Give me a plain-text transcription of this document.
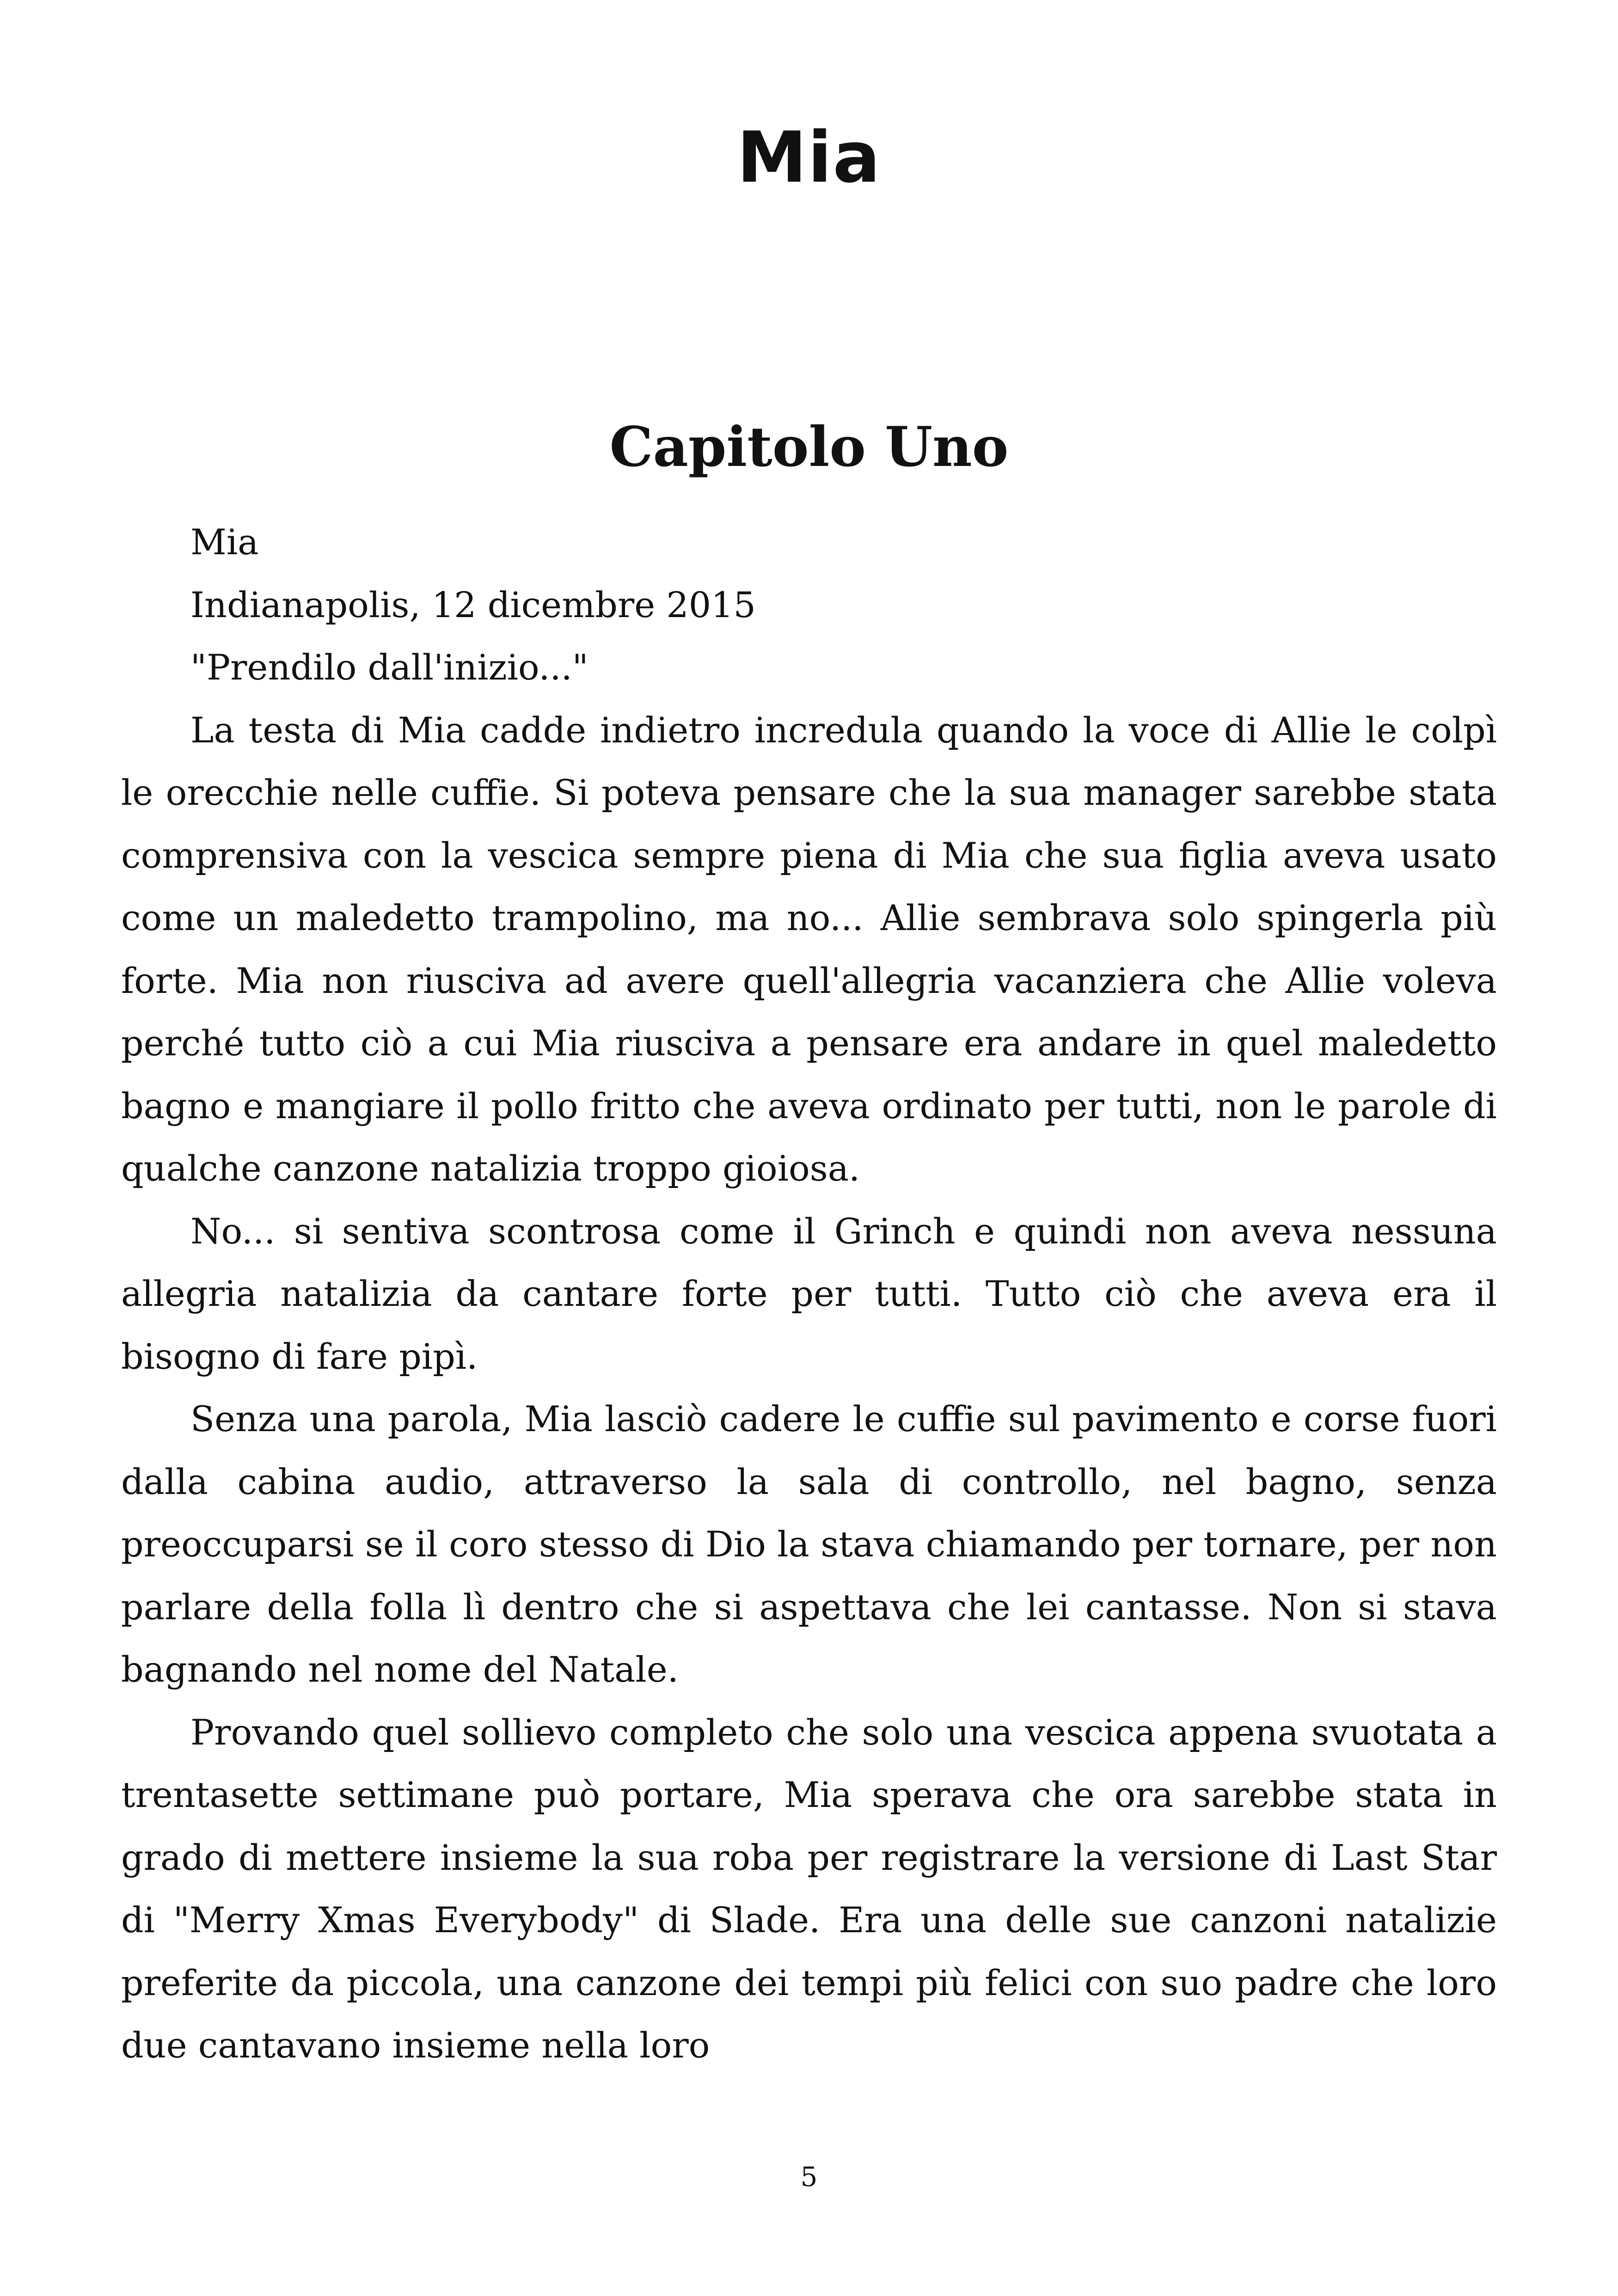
Mia
Capitolo Uno

Mia

Indianapolis, 12 dicembre 2015

"Prendilo dall'inizio..."

La testa di Mia cadde indietro incredula quando la voce di Allie le colpì le orecchie nelle cuffie. Si poteva pensare che la sua manager sarebbe stata comprensiva con la vescica sempre piena di Mia che sua figlia aveva usato come un maledetto trampolino, ma no... Allie sembrava solo spingerla più forte. Mia non riusciva ad avere quell'allegria vacanziera che Allie voleva perché tutto ciò a cui Mia riusciva a pensare era andare in quel maledetto bagno e mangiare il pollo fritto che aveva ordinato per tutti, non le parole di qualche canzone natalizia troppo gioiosa.

No... si sentiva scontrosa come il Grinch e quindi non aveva nessuna allegria natalizia da cantare forte per tutti. Tutto ciò che aveva era il bisogno di fare pipì.

Senza una parola, Mia lasciò cadere le cuffie sul pavimento e corse fuori dalla cabina audio, attraverso la sala di controllo, nel bagno, senza preoccuparsi se il coro stesso di Dio la stava chiamando per tornare, per non parlare della folla lì dentro che si aspettava che lei cantasse. Non si stava bagnando nel nome del Natale.

Provando quel sollievo completo che solo una vescica appena svuotata a trentasette settimane può portare, Mia sperava che ora sarebbe stata in grado di mettere insieme la sua roba per registrare la versione di Last Star di "Merry Xmas Everybody" di Slade. Era una delle sue canzoni natalizie preferite da piccola, una canzone dei tempi più felici con suo padre che loro due cantavano insieme nella loro

5
